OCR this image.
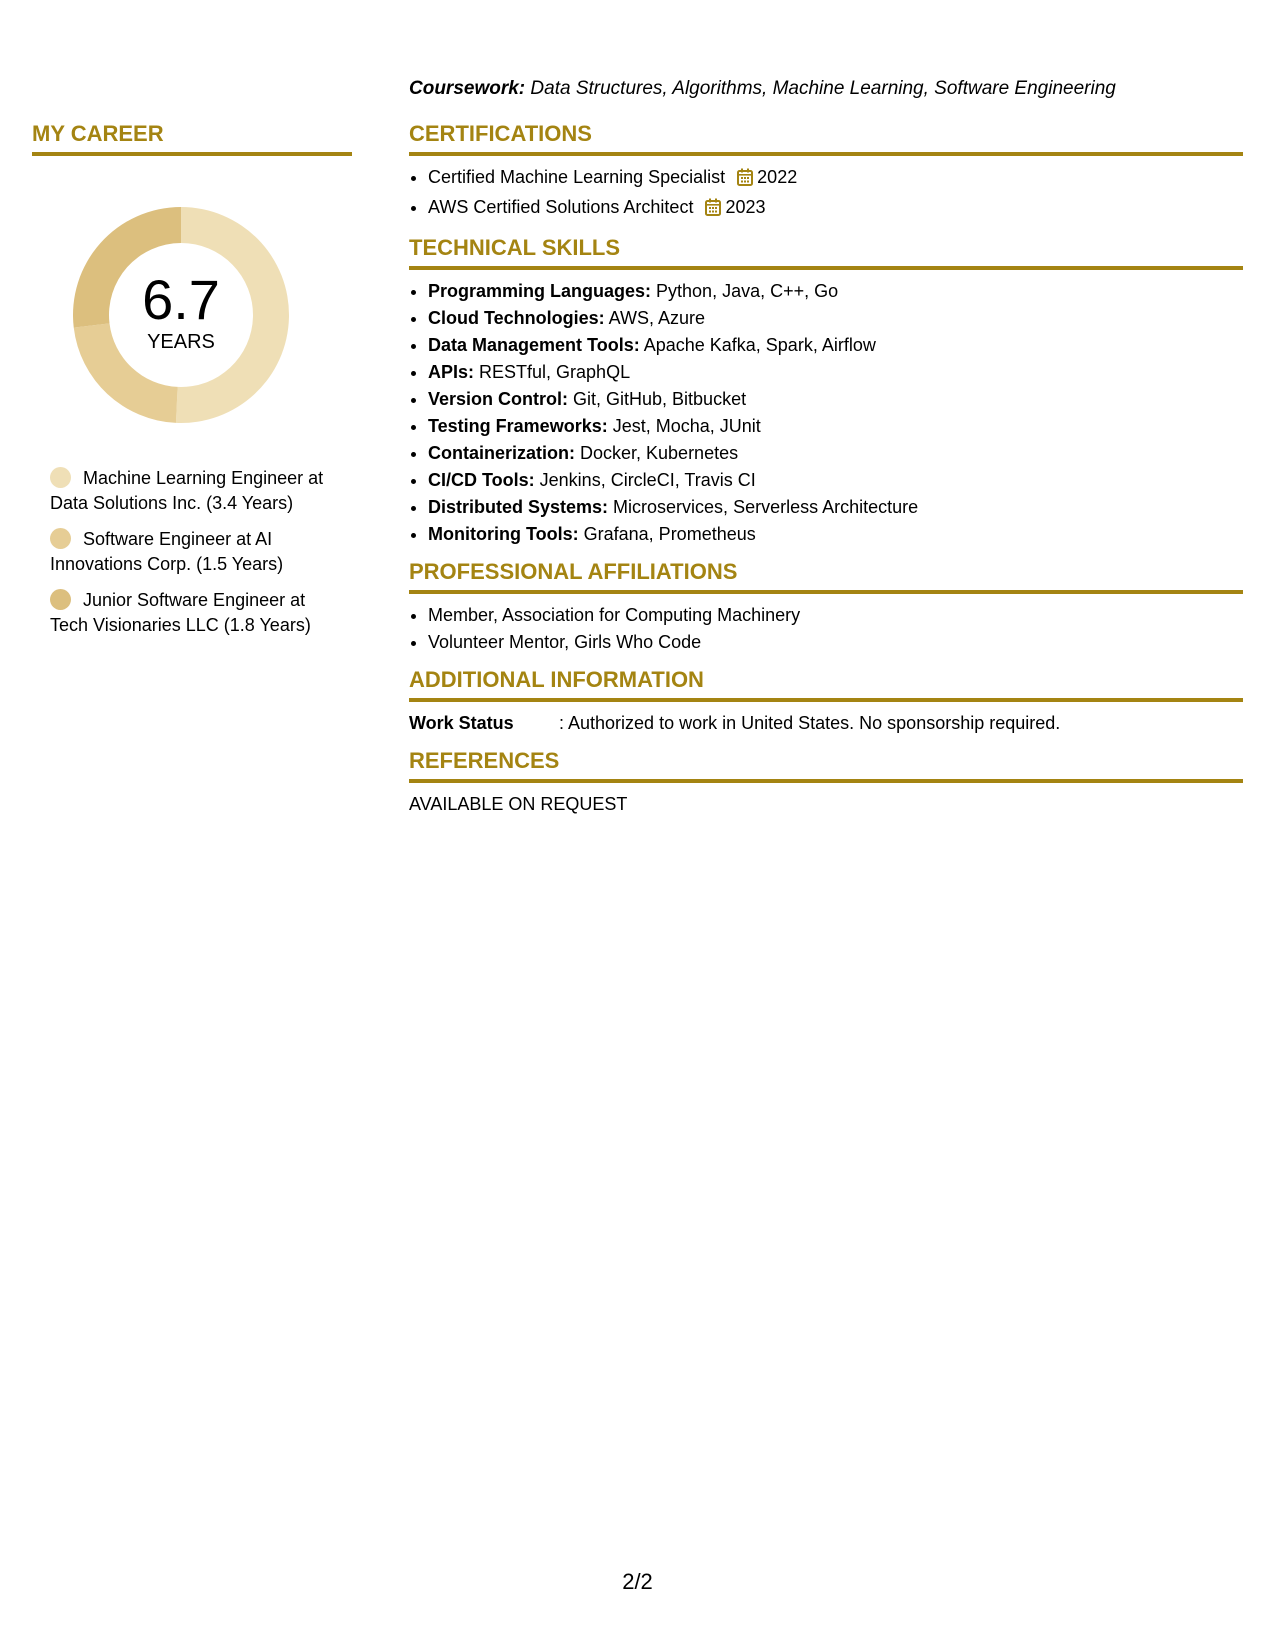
MY CAREER
6.7
YEARS
Machine Learning Engineer at Data Solutions Inc. (3.4 Years)
Software Engineer at AI Innovations Corp. (1.5 Years)
Junior Software Engineer at Tech Visionaries LLC (1.8 Years)
Coursework: Data Structures, Algorithms, Machine Learning, Software Engineering
CERTIFICATIONS
• Certified Machine Learning Specialist 2022
• AWS Certified Solutions Architect 2023
TECHNICAL SKILLS
• Programming Languages: Python, Java, C++, Go
• Cloud Technologies: AWS, Azure
• Data Management Tools: Apache Kafka, Spark, Airflow
• APIs: RESTful, GraphQL
• Version Control: Git, GitHub, Bitbucket
• Testing Frameworks: Jest, Mocha, JUnit
• Containerization: Docker, Kubernetes
• CI/CD Tools: Jenkins, CircleCI, Travis CI
• Distributed Systems: Microservices, Serverless Architecture
• Monitoring Tools: Grafana, Prometheus
PROFESSIONAL AFFILIATIONS
• Member, Association for Computing Machinery
• Volunteer Mentor, Girls Who Code
ADDITIONAL INFORMATION
Work Status	: Authorized to work in United States. No sponsorship required.
REFERENCES
AVAILABLE ON REQUEST
2/2
